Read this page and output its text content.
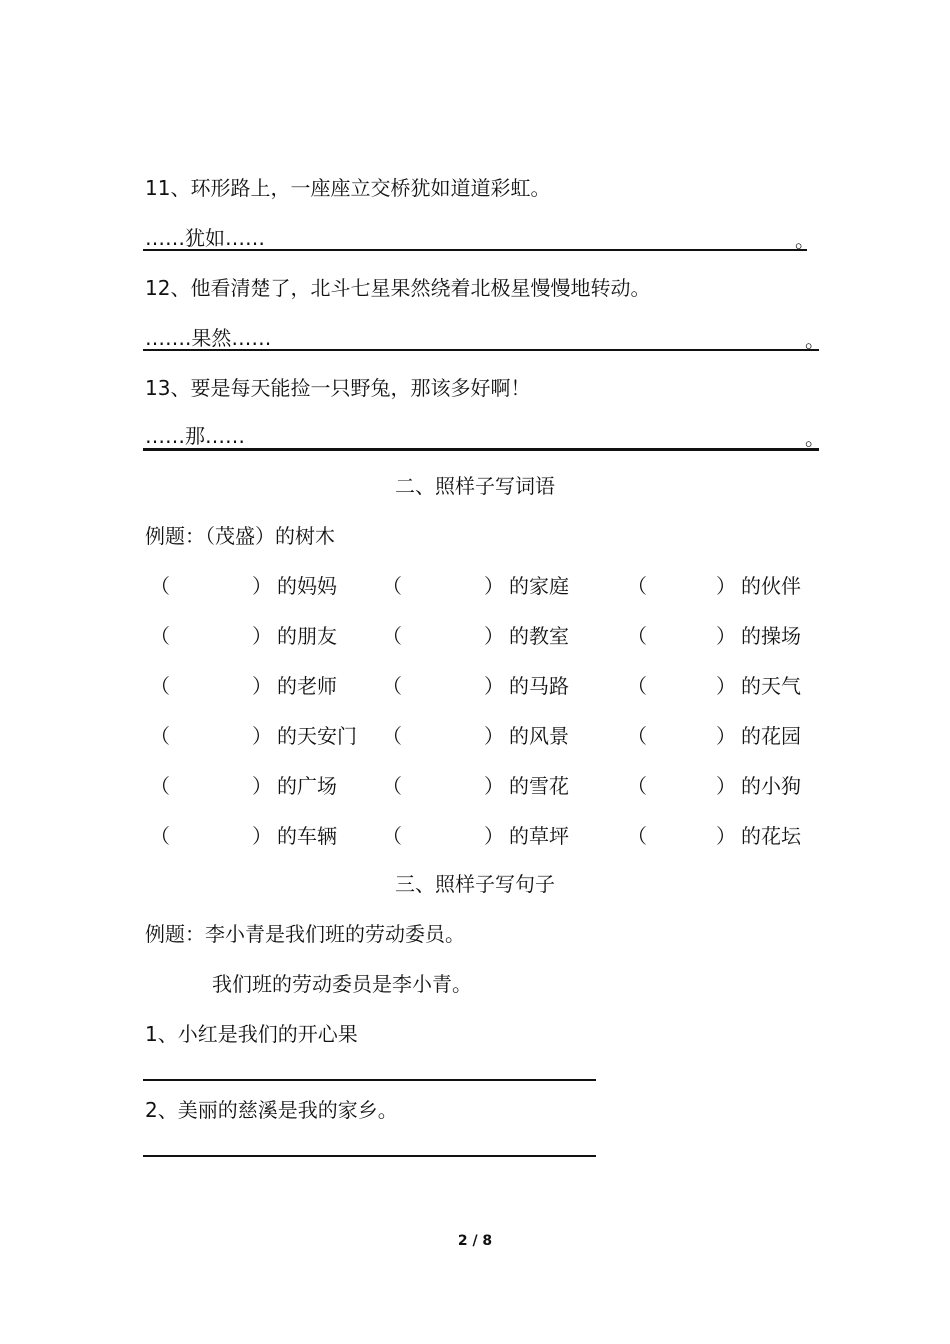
11、环形路上，一座座立交桥犹如道道彩虹。
……犹如……	。
12、他看清楚了，北斗七星果然绕着北极星慢慢地转动。
…….果然……	。
13、要是每天能捡一只野兔，那该多好啊！
……那……	。
二、照样子写词语
例题：（茂盛）的树木
（	） 的妈妈 （	） 的家庭	（	） 的伙伴
（	） 的朋友 （	） 的教室	（	） 的操场
（	） 的老师 （	） 的马路	（	） 的天气
（	） 的天安门 （	） 的风景	（	） 的花园
（	） 的广场 （	） 的雪花	（	） 的小狗
（	） 的车辆 （	） 的草坪	（	） 的花坛
三、照样子写句子
例题：李小青是我们班的劳动委员。
我们班的劳动委员是李小青。
1、小红是我们的开心果
2、美丽的慈溪是我的家乡。
2 / 8
